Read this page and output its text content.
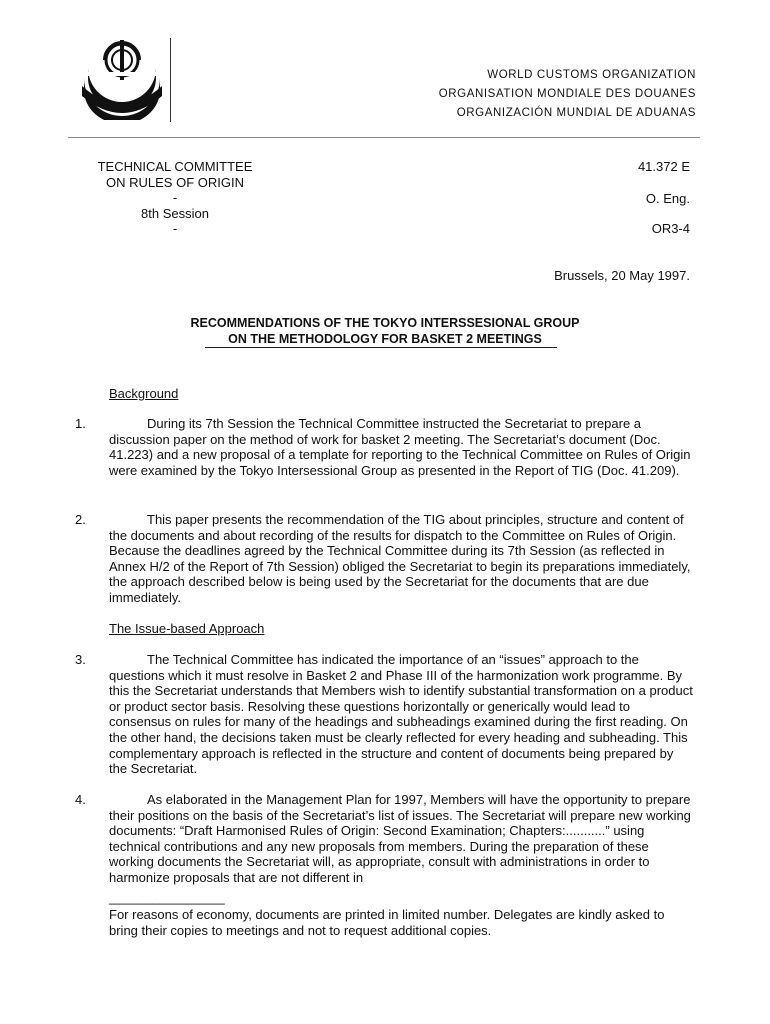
WORLD CUSTOMS ORGANIZATION
ORGANISATION MONDIALE DES DOUANES
ORGANIZACIÓN MUNDIAL DE ADUANAS
TECHNICAL COMMITTEE
ON RULES OF ORIGIN
-
8th Session
-
41.372 E
O. Eng.
OR3-4
Brussels, 20 May 1997.
RECOMMENDATIONS OF THE TOKYO INTERSSESIONAL GROUP
ON THE METHODOLOGY FOR BASKET 2 MEETINGS
Background
1.	During its 7th Session the Technical Committee instructed the Secretariat to prepare a discussion paper on the method of work for basket 2 meeting. The Secretariat’s document (Doc. 41.223) and a new proposal of a template for reporting to the Technical Committee on Rules of Origin were examined by the Tokyo Intersessional Group as presented in the Report of TIG (Doc. 41.209).
2.	This paper presents the recommendation of the TIG about principles, structure and content of the documents and about recording of the results for dispatch to the Committee on Rules of Origin. Because the deadlines agreed by the Technical Committee during its 7th Session (as reflected in Annex H/2 of the Report of 7th Session) obliged the Secretariat to begin its preparations immediately, the approach described below is being used by the Secretariat for the documents that are due immediately.
The Issue-based Approach
3.	The Technical Committee has indicated the importance of an “issues” approach to the questions which it must resolve in Basket 2 and Phase III of the harmonization work programme. By this the Secretariat understands that Members wish to identify substantial transformation on a product or product sector basis. Resolving these questions horizontally or generically would lead to consensus on rules for many of the headings and subheadings examined during the first reading. On the other hand, the decisions taken must be clearly reflected for every heading and subheading. This complementary approach is reflected in the structure and content of documents being prepared by the Secretariat.
4.	As elaborated in the Management Plan for 1997, Members will have the opportunity to prepare their positions on the basis of the Secretariat’s list of issues. The Secretariat will prepare new working documents: “Draft Harmonised Rules of Origin: Second Examination; Chapters:...........” using technical contributions and any new proposals from members. During the preparation of these working documents the Secretariat will, as appropriate, consult with administrations in order to harmonize proposals that are not different in
________________
For reasons of economy, documents are printed in limited number. Delegates are kindly asked to bring their copies to meetings and not to request additional copies.
